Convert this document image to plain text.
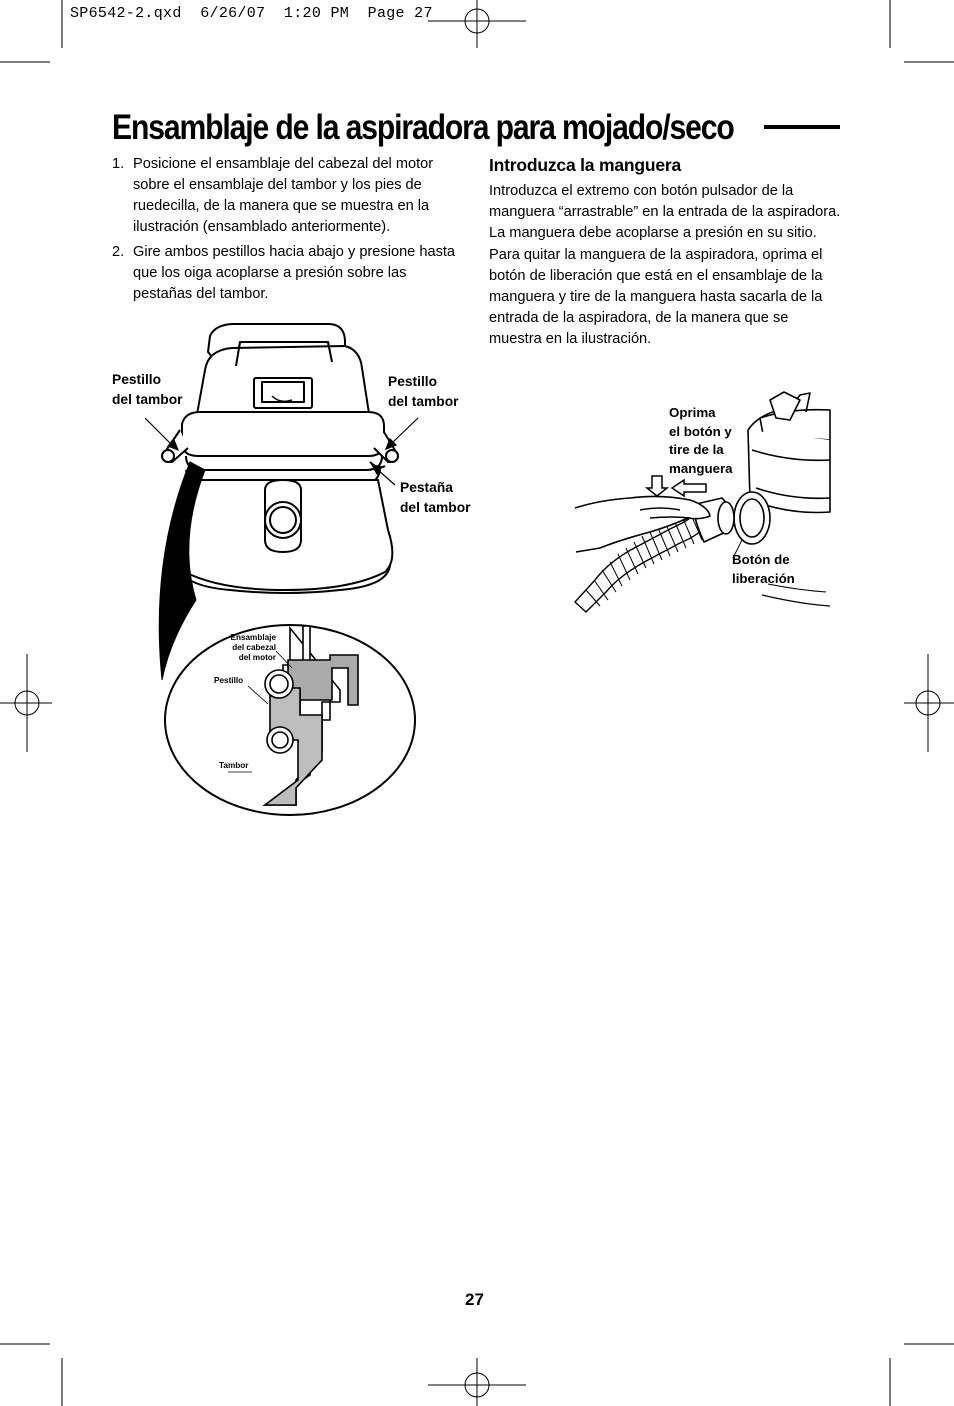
SP6542-2.qxd  6/26/07  1:20 PM  Page 27
Ensamblaje de la aspiradora para mojado/seco
1. Posicione el ensamblaje del cabezal del motor sobre el ensamblaje del tambor y los pies de ruedecilla, de la manera que se muestra en la ilustración (ensamblado anteriormente).
2. Gire ambos pestillos hacia abajo y presione hasta que los oiga acoplarse a presión sobre las pestañas del tambor.
Introduzca la manguera
Introduzca el extremo con botón pulsador de la manguera “arrastrable” en la entrada de la aspiradora. La manguera debe acoplarse a presión en su sitio. Para quitar la manguera de la aspiradora, oprima el botón de liberación que está en el ensamblaje de la manguera y tire de la manguera hasta sacarla de la entrada de la aspiradora, de la manera que se muestra en la ilustración.
Pestillo
del tambor
Pestillo
del tambor
Pestaña
del tambor
Ensamblaje
del cabezal
del motor
Pestillo
Tambor
Oprima
el botón y
tire de la
manguera
Botón de
liberación
27
